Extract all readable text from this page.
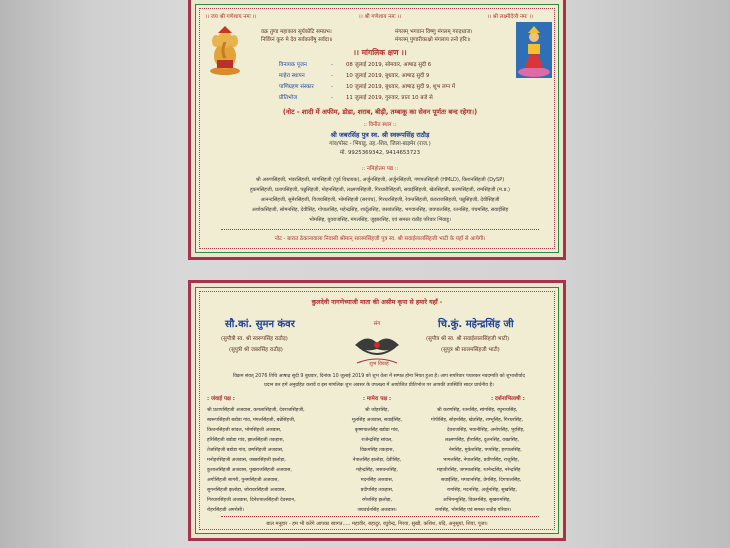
।। जय श्री गणेशाय नमः ।।	।। श्री गणेशाय नमः ।।	।। श्री लक्ष्मीदेव्यै नमः ।।
वक्र तुण्ड महाकाय सूर्यकोटि समप्रभ।
निर्विघ्नं कुरु मे देव सर्वकार्येषु सर्वदा॥
मंगलम् भगवान विष्णु मंगलम् गरुड़ध्वज।
मंगलम् पुण्डरीकाक्षो मंगलाय तनो हरिः॥
।। मांगलिक क्षण ।।
विनायक पूजन	- 08 जुलाई 2019, सोमवार, आषाढ़ सुदी 6
माहेरा स्थापन	- 10 जुलाई 2019, बुधवार, आषाढ़ सुदी 9
पाणिग्रहण संस्कार	- 10 जुलाई 2019, बुधवार, आषाढ़ सुदी 9, शुभ लग्न में
प्रीतिभोज	- 11 जुलाई 2019, गुरुवार, प्रातः 10 बजे से
(नोट - शादी में अफीम, डोडा, शराब, बीड़ी, तम्बाकू का सेवन पूर्णतः बन्द रहेगा।)
:: विनीत स्थल ::
श्री जबरसिंह पुत्र स्व. श्री स्वरूपसिंह राठौड़
गांव/पोस्ट - भिंयाडू, तह.-शिव, जिला-बाड़मेर (राज.)
मो. 9925369342, 9414653723
:: नमिहोतम पद्य ::
श्री अरुणसिंहजी, भंवरसिंहजी, मांगसिंहजी (पूर्व विधायक), अर्जुनसिंहजी, अर्जुनसिंहजी, गणपतसिंहजी (HMLD), किशनसिंहजी (DySP)
हुकमसिंहजी, प्रतापसिंहजी, पन्नुसिंहजी, मोहनसिंहजी, लक्ष्मणसिंहजी, गिरधारीसिंहजी, सवाईसिंहजी, खेतसिंहजी, करणसिंहजी, रामसिंहजी (म.प्र.)
आनन्दसिंहजी, सुमेरसिंहजी, विजयसिंहजी, भोमसिंहजी (सरपंच), गिरधरसिंहजी, रेवन्तसिंहजी, कंवराजसिंहजी, पन्नुसिंहजी, देवीसिंहजी
अशोकसिंहजी, सोमनसिंह, देवीसिंह, गोपालसिंह, महेन्द्रसिंह, शार्दूलसिंह, जसवंतसिंह, भगवानसिंह, जयपालसिंह, रतनसिंह, पंचमसिंह, सवाईसिंह
भोमसिंह, युवराजसिंह, मंगलसिंह, जुझारसिंह, एवं समस्त राठौड़ परिवार भिंयाडू।
नोट - बारात ठेकानावाला निवासी श्रीमान् सालमसिंहजी पुत्र स्व. श्री सवाईलालसिंहजी भाटी के यहाँ से आयेगी।
कुलदेवी नागणेच्याजी माता की असीम कृपा से हमारे यहाँ -
सौ.कां. सुमन कंवर
(सुपौत्री स्व. श्री स्वरूपसिंह राठौड़)
(सुपुत्री श्री जबरसिंह राठौड़)
संग
शुभ विवाह
चि.कुं. महेन्द्रसिंह जी
(सुपौत्र श्री स्व. श्री सवाईलालसिंहजी भाटी)
(सुपुत्र श्री सालमसिंहजी भाटी)
विक्रम संवत् 2076 तिथि आषाढ़ सुदी 9 बुधवार, दिनांक 10 जुलाई 2019 को शुभ वेला में सम्पन्न होना नियत हुआ है। आप सपरिवार पधारकर नवदम्पति को शुभाशीर्वाद
प्रदान कर हमें अनुग्रहित करावें व इस मांगलिक शुभ अवसर के उपलक्ष्य में आयोजित प्रीतिभोज पर आपकी उपस्थिति सादर प्रार्थनीय है।
: जंवाई पक्ष :
श्री प्रतापसिंहजी अजवास, कमलासिंहजी, देवराजसिंहजी,
स्वरूपसिंहजी बडोडा गांव, मंगलसिंहजी, बन्नेसिंहजी,
किशनसिंहजी सांवल, भोमसिंहजी अजवास,
हरिसिंहजी बडोडा गांव, झालसिंहजी तकहास,
तेजसिंहजी बडोडा गांव, छगसिंहजी अजवास,
मनोहरसिंहजी अजवास, जब्बरसिंहजी झलोड़ा,
कुशालसिंहजी अजवास, पुखराजसिंहजी अजवास,
अगोसिंहजी सागरी, पुनमसिंहजी अजवास,
सुगनसिंहजी झलोड़ा, जोरावरसिंहजी अजवास,
गिरधारसिंहजी अजवास, दिनेशपालसिंहजी देवस्थान,
रोहरसिंहजी अगरोसी।
: मामेरा पक्ष :
श्री जोहरसिंह,
मूलसिंह अजवास, सवाईसिंह,
कृष्णपालसिंह बडोडा गांव,
राजेन्द्रसिंह सांवल,
विक्रमसिंह तकहास,
नेपालसिंह झलोड़ा, देवीसिंह,
महेन्द्रसिंह, जसवन्तसिंह,
मदनसिंह अजवास,
प्रदीपसिंह तकहास,
रमेशसिंह झलोड़ा,
जयवर्धनसिंह अजवास।
: दर्शनाभिलाषी :
श्री करणसिंह, रतनसिंह, सांगसिंह, रघुनाथसिंह,
गोपीसिंह, सोहनसिंह, खेतसिंह, शम्भूसिंह, गिरधरसिंह,
देवराजसिंह, भवानीसिंह, अनोपसिंह, भूरसिंह,
लक्ष्मणसिंह, हीरासिंह, दुलनसिंह, वख्तसिंह,
नेमसिंह, मुकेशसिंह, पप्पसिंह, हरपालसिंह,
भागलसिंह, नेपालसिंह, प्रवीणसिंह, राजुसिंह,
महावीरसिंह, जगमालसिंह, रतनेन्द्रसिंह, नरेन्द्रसिंह
सवाईसिंह, भगवानसिंह, प्रेमसिंह, दिगपालसिंह,
रामसिंह, मदनसिंह, अर्जुनसिंह, सुखसिंह,
अभिमन्युसिंह, विक्रमसिंह, सुखरामसिंह,
रामसिंह, भोमसिंह एवं समस्त राठौड़ परिवार।
बाल मनुहार - हम भी करेंगे आपका स्वागत..... महावीर, बहादुर, रघुवेन्द्र, गिरवा, सुखी, कशिश, यदि, अनुसूयां, शिवा, पूजा।
